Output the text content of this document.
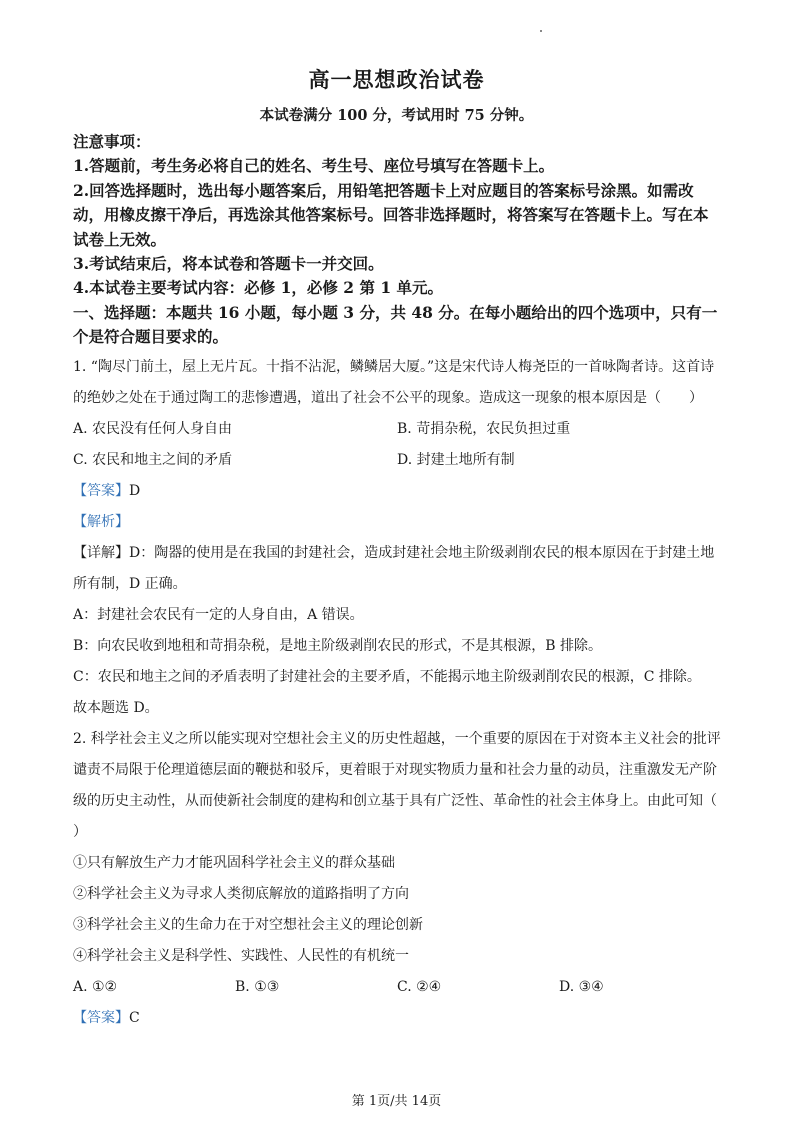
高一思想政治试卷
本试卷满分 100 分，考试用时 75 分钟。

注意事项：

1.答题前，考生务必将自己的姓名、考生号、座位号填写在答题卡上。

2.回答选择题时，选出每小题答案后，用铅笔把答题卡上对应题目的答案标号涂黑。如需改动，用橡皮擦干净后，再选涂其他答案标号。回答非选择题时，将答案写在答题卡上。写在本试卷上无效。

3.考试结束后，将本试卷和答题卡一并交回。

4.本试卷主要考试内容：必修 1，必修 2 第 1 单元。

一、选择题：本题共 16 小题，每小题 3 分，共 48 分。在每小题给出的四个选项中，只有一个是符合题目要求的。

1. “陶尽门前土，屋上无片瓦。十指不沾泥，鳞鳞居大厦。”这是宋代诗人梅尧臣的一首咏陶者诗。这首诗的绝妙之处在于通过陶工的悲惨遭遇，道出了社会不公平的现象。造成这一现象的根本原因是（　　）

A. 农民没有任何人身自由	B. 苛捐杂税，农民负担过重
C. 农民和地主之间的矛盾	D. 封建土地所有制

【答案】D

【解析】

【详解】D：陶器的使用是在我国的封建社会，造成封建社会地主阶级剥削农民的根本原因在于封建土地所有制，D 正确。

A：封建社会农民有一定的人身自由，A 错误。

B：向农民收到地租和苛捐杂税，是地主阶级剥削农民的形式，不是其根源，B 排除。

C：农民和地主之间的矛盾表明了封建社会的主要矛盾，不能揭示地主阶级剥削农民的根源，C 排除。

故本题选 D。

2. 科学社会主义之所以能实现对空想社会主义的历史性超越，一个重要的原因在于对资本主义社会的批评谴责不局限于伦理道德层面的鞭挞和驳斥，更着眼于对现实物质力量和社会力量的动员，注重激发无产阶级的历史主动性，从而使新社会制度的建构和创立基于具有广泛性、革命性的社会主体身上。由此可知（ ）

①只有解放生产力才能巩固科学社会主义的群众基础

②科学社会主义为寻求人类彻底解放的道路指明了方向

③科学社会主义的生命力在于对空想社会主义的理论创新

④科学社会主义是科学性、实践性、人民性的有机统一

A. ①②	B. ①③	C. ②④	D. ③④

【答案】C

第 1页/共 14页
